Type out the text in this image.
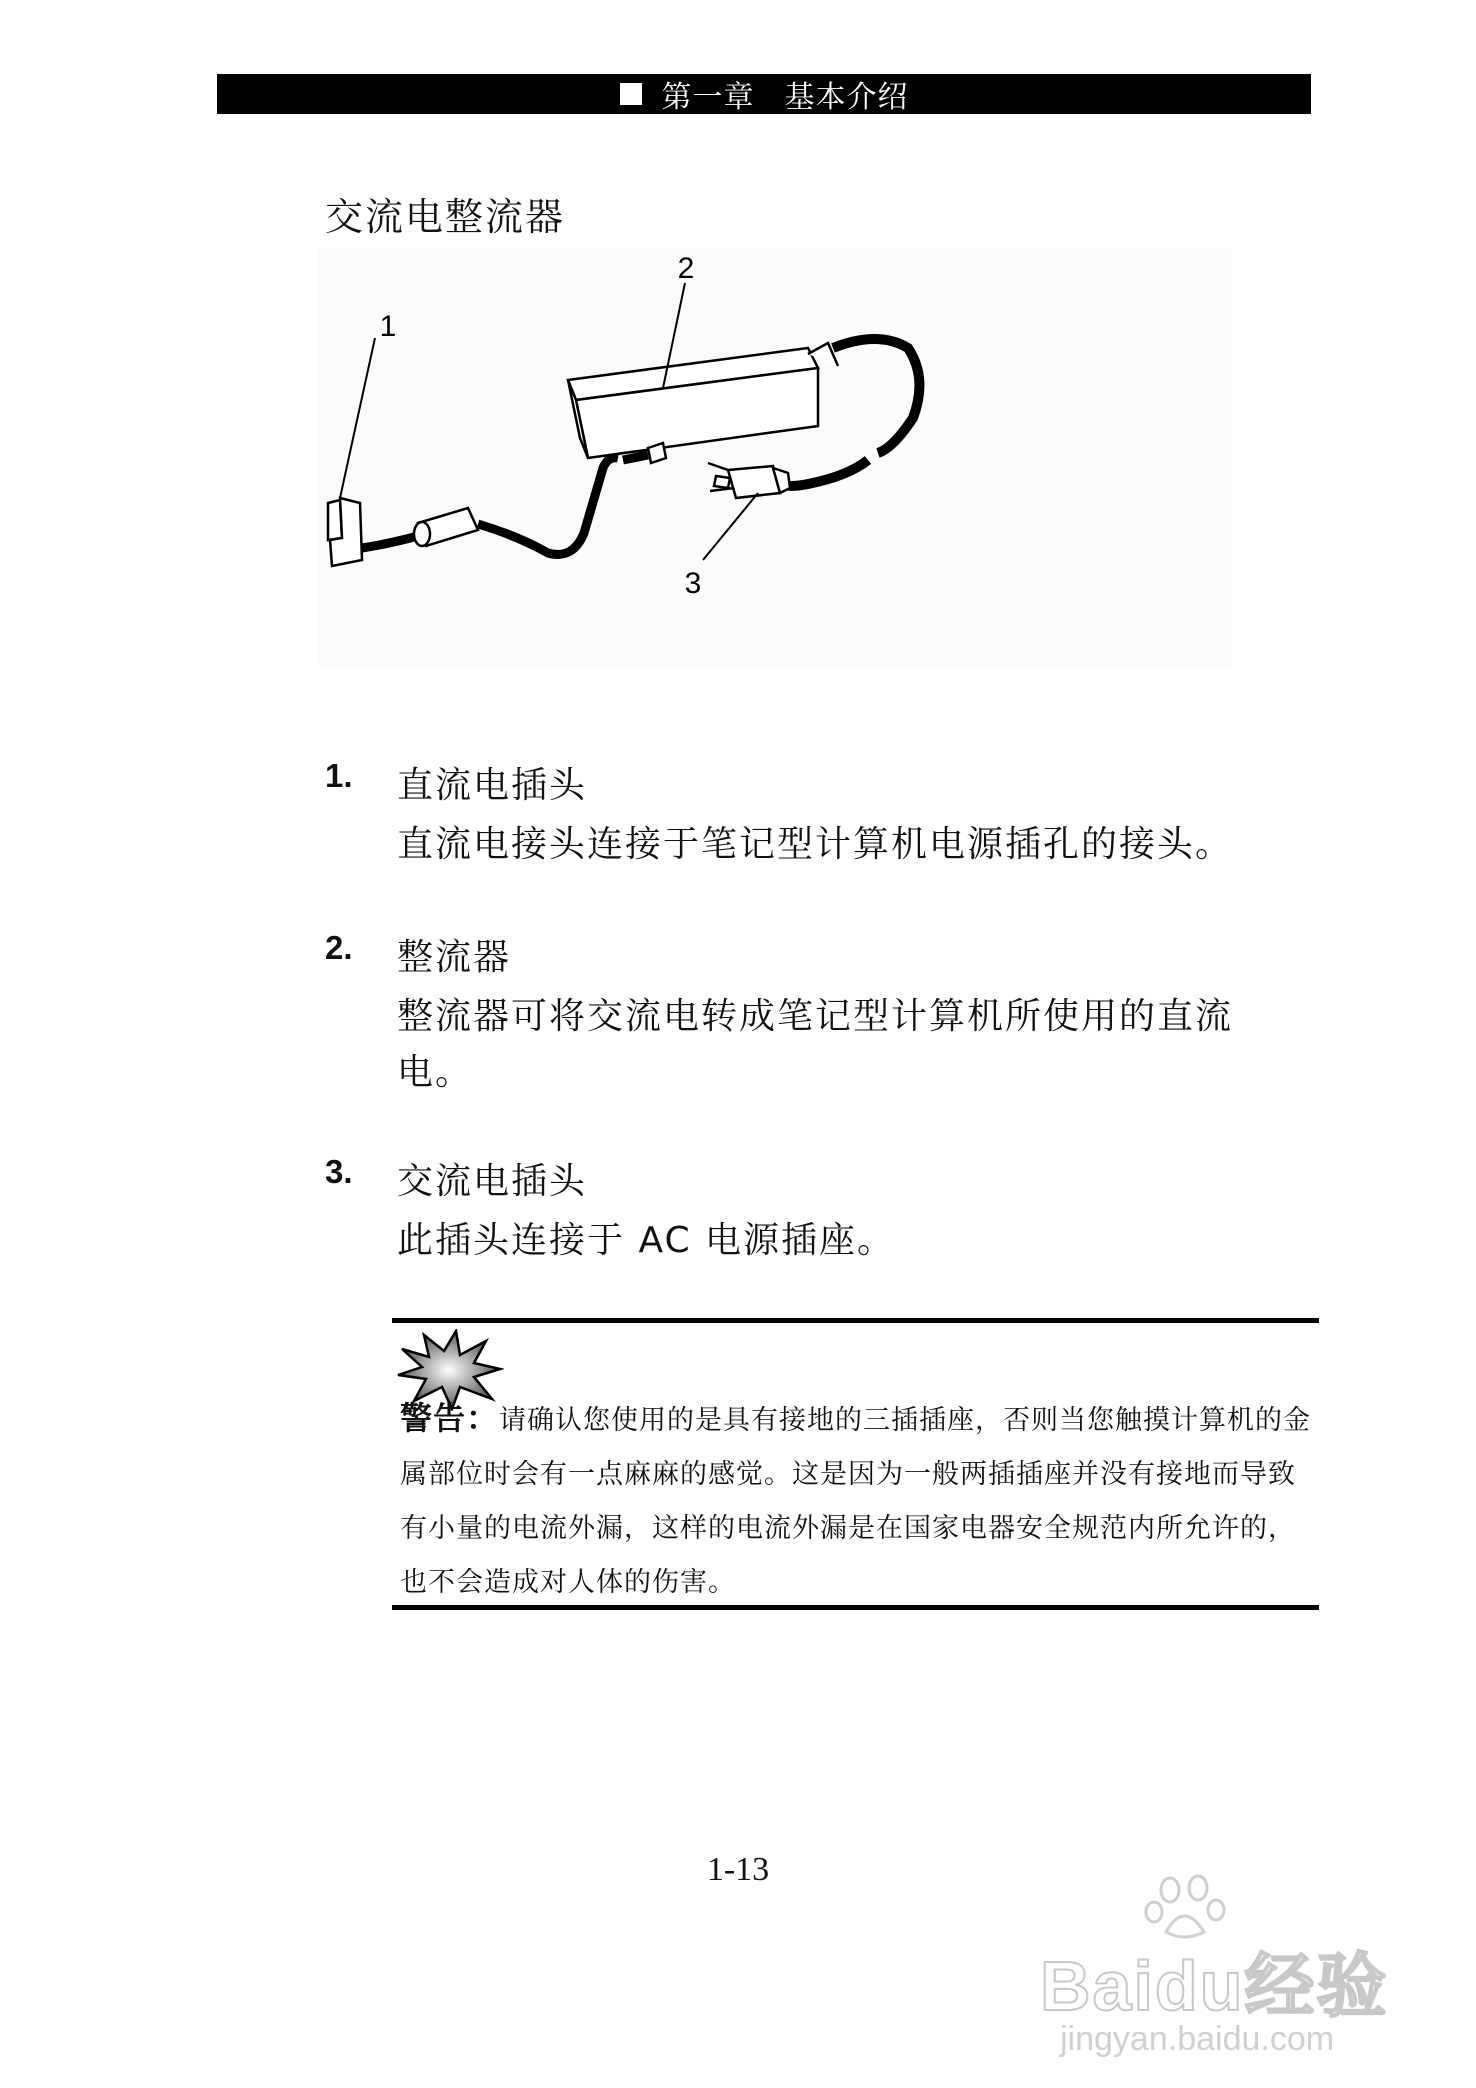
第一章 基本介绍
交流电整流器
1
2
3
1. 直流电插头
直流电接头连接于笔记型计算机电源插孔的接头。
2. 整流器
整流器可将交流电转成笔记型计算机所使用的直流电。
3. 交流电插头
此插头连接于 AC 电源插座。
警告：请确认您使用的是具有接地的三插插座，否则当您触摸计算机的金属部位时会有一点麻麻的感觉。这是因为一般两插插座并没有接地而导致有小量的电流外漏，这样的电流外漏是在国家电器安全规范内所允许的，也不会造成对人体的伤害。
1-13
Baidu经验
jingyan.baidu.com
